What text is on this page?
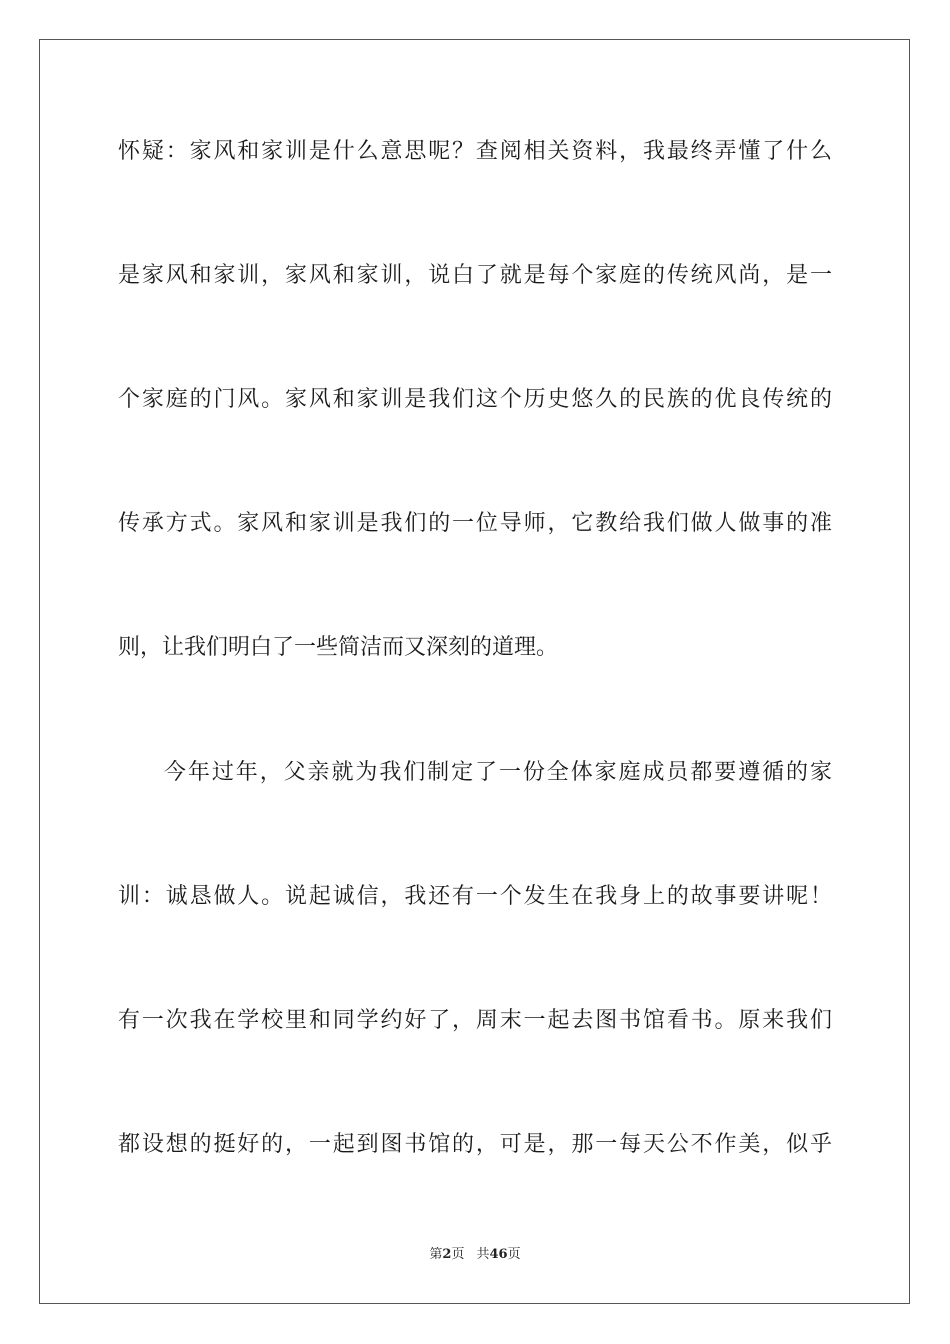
怀疑：家风和家训是什么意思呢？查阅相关资料，我最终弄懂了什么
是家风和家训，家风和家训，说白了就是每个家庭的传统风尚，是一
个家庭的门风。家风和家训是我们这个历史悠久的民族的优良传统的
传承方式。家风和家训是我们的一位导师，它教给我们做人做事的准
则，让我们明白了一些简洁而又深刻的道理。
今年过年，父亲就为我们制定了一份全体家庭成员都要遵循的家
训：诚恳做人。说起诚信，我还有一个发生在我身上的故事要讲呢！
有一次我在学校里和同学约好了，周末一起去图书馆看书。原来我们
都设想的挺好的，一起到图书馆的，可是，那一每天公不作美，似乎
第2页 共46页
